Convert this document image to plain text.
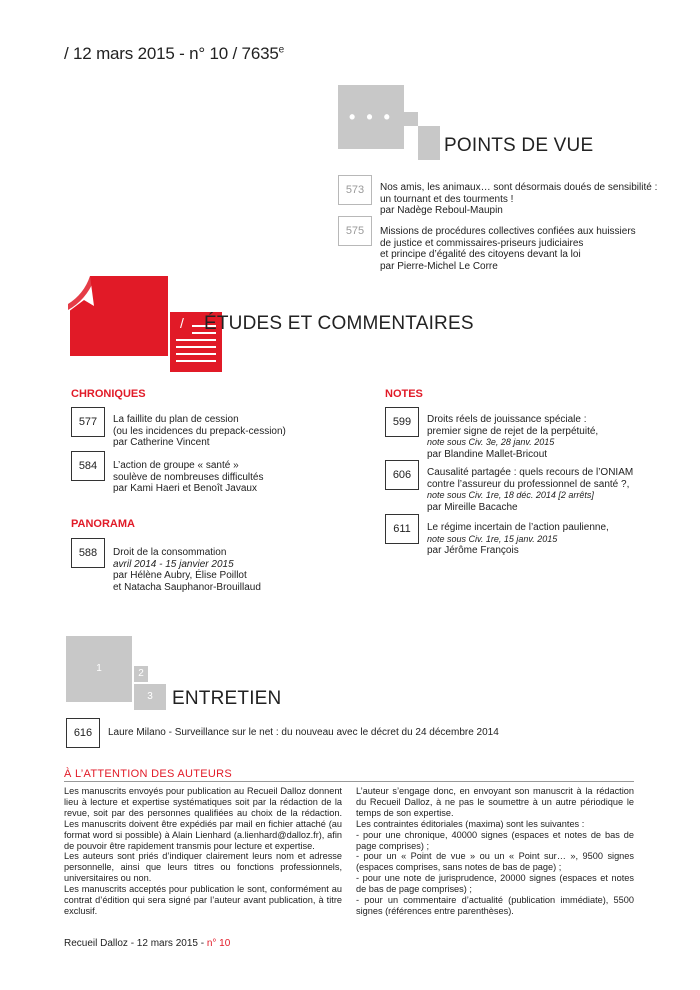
/ 12 mars 2015 - n° 10 / 7635e
• • •
POINTS DE VUE
573	Nos amis, les animaux… sont désormais doués de sensibilité :
un tournant et des tourments !
par Nadège Reboul-Maupin
575	Missions de procédures collectives confiées aux huissiers
de justice et commissaires-priseurs judiciaires
et principe d’égalité des citoyens devant la loi
par Pierre-Michel Le Corre
/	ÉTUDES ET COMMENTAIRES
CHRONIQUES
577	La faillite du plan de cession
(ou les incidences du prepack-cession)
par Catherine Vincent
584	L’action de groupe « santé »
soulève de nombreuses difficultés
par Kami Haeri et Benoît Javaux
PANORAMA
588	Droit de la consommation
avril 2014 - 15 janvier 2015
par Hélène Aubry, Élise Poillot
et Natacha Sauphanor-Brouillaud
NOTES
599	Droits réels de jouissance spéciale :
premier signe de rejet de la perpétuité,
note sous Civ. 3e, 28 janv. 2015
par Blandine Mallet-Bricout
606	Causalité partagée : quels recours de l’ONIAM
contre l’assureur du professionnel de santé ?,
note sous Civ. 1re, 18 déc. 2014 [2 arrêts]
par Mireille Bacache
611	Le régime incertain de l’action paulienne,
note sous Civ. 1re, 15 janv. 2015
par Jérôme François
1	2
3	ENTRETIEN
616	Laure Milano - Surveillance sur le net : du nouveau avec le décret du 24 décembre 2014
À L’ATTENTION DES AUTEURS

Les manuscrits envoyés pour publication au Recueil Dalloz donnent lieu à lecture et expertise systématiques soit par la rédaction de la revue, soit par des personnes qualifiées au choix de la rédaction. Les manuscrits doivent être expédiés par mail en fichier attaché (au format word si possible) à Alain Lienhard (a.lienhard@dalloz.fr), afin de pouvoir être rapidement transmis pour lecture et expertise.

Les auteurs sont priés d’indiquer clairement leurs nom et adresse personnelle, ainsi que leurs titres ou fonctions professionnels, universitaires ou non.

Les manuscrits acceptés pour publication le sont, conformément au contrat d’édition qui sera signé par l’auteur avant publication, à titre exclusif.

L’auteur s’engage donc, en envoyant son manuscrit à la rédaction du Recueil Dalloz, à ne pas le soumettre à un autre périodique le temps de son expertise.

Les contraintes éditoriales (maxima) sont les suivantes :

- pour une chronique, 40000 signes (espaces et notes de bas de page comprises) ;

- pour un « Point de vue » ou un « Point sur… », 9500 signes (espaces comprises, sans notes de bas de page) ;

- pour une note de jurisprudence, 20000 signes (espaces et notes de bas de page comprises) ;

- pour un commentaire d’actualité (publication immédiate), 5500 signes (références entre parenthèses).

Recueil Dalloz - 12 mars 2015 - n° 10
